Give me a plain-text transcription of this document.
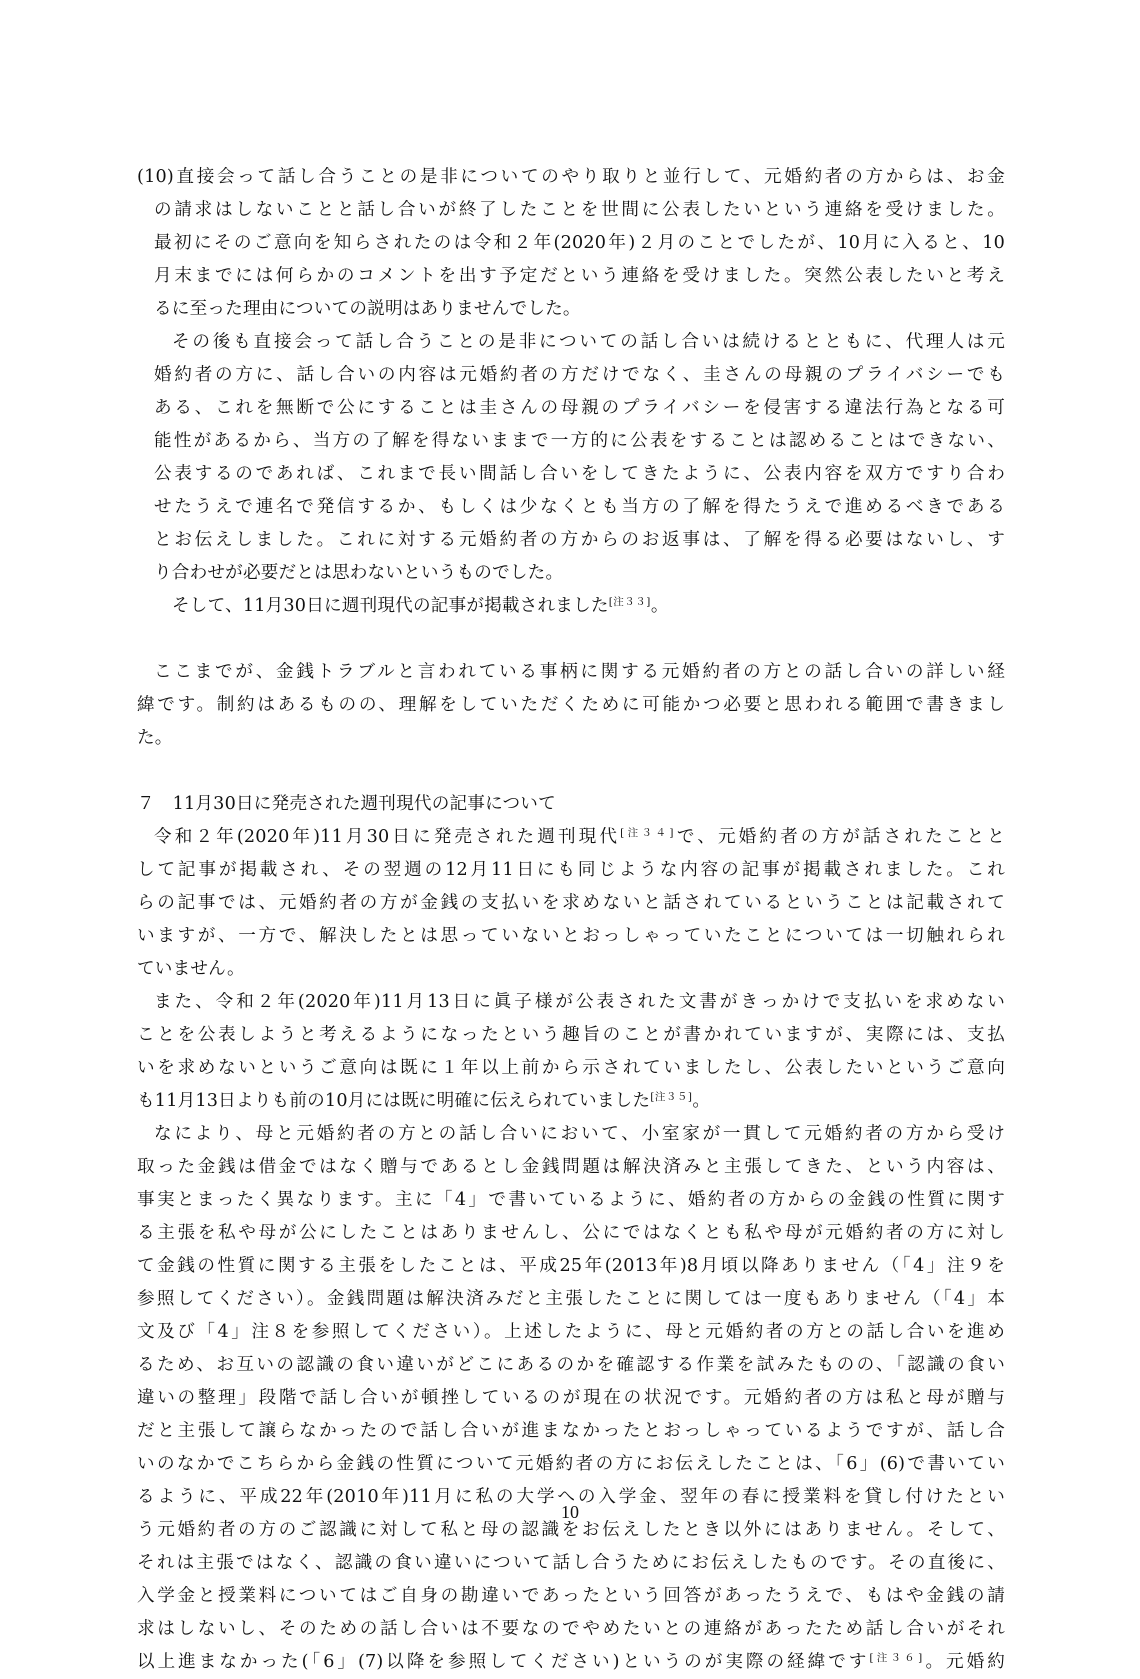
(10)直接会って話し合うことの是非についてのやり取りと並行して、元婚約者の方からは、お金
の請求はしないことと話し合いが終了したことを世間に公表したいという連絡を受けました。
最初にそのご意向を知らされたのは令和２年(2020年)２月のことでしたが、10月に入ると、10
月末までには何らかのコメントを出す予定だという連絡を受けました。突然公表したいと考え
るに至った理由についての説明はありませんでした。
その後も直接会って話し合うことの是非についての話し合いは続けるとともに、代理人は元
婚約者の方に、話し合いの内容は元婚約者の方だけでなく、圭さんの母親のプライバシーでも
ある、これを無断で公にすることは圭さんの母親のプライバシーを侵害する違法行為となる可
能性があるから、当方の了解を得ないままで一方的に公表をすることは認めることはできない、
公表するのであれば、これまで長い間話し合いをしてきたように、公表内容を双方ですり合わ
せたうえで連名で発信するか、もしくは少なくとも当方の了解を得たうえで進めるべきである
とお伝えしました。これに対する元婚約者の方からのお返事は、了解を得る必要はないし、す
り合わせが必要だとは思わないというものでした。
そして、11月30日に週刊現代の記事が掲載されました[注３３]。
ここまでが、金銭トラブルと言われている事柄に関する元婚約者の方との話し合いの詳しい経
緯です。制約はあるものの、理解をしていただくために可能かつ必要と思われる範囲で書きまし
た。
７　11月30日に発売された週刊現代の記事について
令和２年(2020年)11月30日に発売された週刊現代[注３４]で、元婚約者の方が話されたことと
して記事が掲載され、その翌週の12月11日にも同じような内容の記事が掲載されました。これ
らの記事では、元婚約者の方が金銭の支払いを求めないと話されているということは記載されて
いますが、一方で、解決したとは思っていないとおっしゃっていたことについては一切触れられ
ていません。
また、令和２年(2020年)11月13日に眞子様が公表された文書がきっかけで支払いを求めない
ことを公表しようと考えるようになったという趣旨のことが書かれていますが、実際には、支払
いを求めないというご意向は既に１年以上前から示されていましたし、公表したいというご意向
も11月13日よりも前の10月には既に明確に伝えられていました[注３５]。
なにより、母と元婚約者の方との話し合いにおいて、小室家が一貫して元婚約者の方から受け
取った金銭は借金ではなく贈与であるとし金銭問題は解決済みと主張してきた、という内容は、
事実とまったく異なります。主に「4」で書いているように、婚約者の方からの金銭の性質に関す
る主張を私や母が公にしたことはありませんし、公にではなくとも私や母が元婚約者の方に対し
て金銭の性質に関する主張をしたことは、平成25年(2013年)8月頃以降ありません（「4」注９を
参照してください）。金銭問題は解決済みだと主張したことに関しては一度もありません（「4」本
文及び「4」注８を参照してください）。上述したように、母と元婚約者の方との話し合いを進め
るため、お互いの認識の食い違いがどこにあるのかを確認する作業を試みたものの、「認識の食い
違いの整理」段階で話し合いが頓挫しているのが現在の状況です。元婚約者の方は私と母が贈与
だと主張して譲らなかったので話し合いが進まなかったとおっしゃっているようですが、話し合
いのなかでこちらから金銭の性質について元婚約者の方にお伝えしたことは、「6」(6)で書いてい
るように、平成22年(2010年)11月に私の大学への入学金、翌年の春に授業料を貸し付けたとい
う元婚約者の方のご認識に対して私と母の認識をお伝えしたとき以外にはありません。そして、
それは主張ではなく、認識の食い違いについて話し合うためにお伝えしたものです。その直後に、
入学金と授業料についてはご自身の勘違いであったという回答があったうえで、もはや金銭の請
求はしないし、そのための話し合いは不要なのでやめたいとの連絡があったため話し合いがそれ
以上進まなかった(「6」(7)以降を参照してください)というのが実際の経緯です[注３６]。元婚約
10
